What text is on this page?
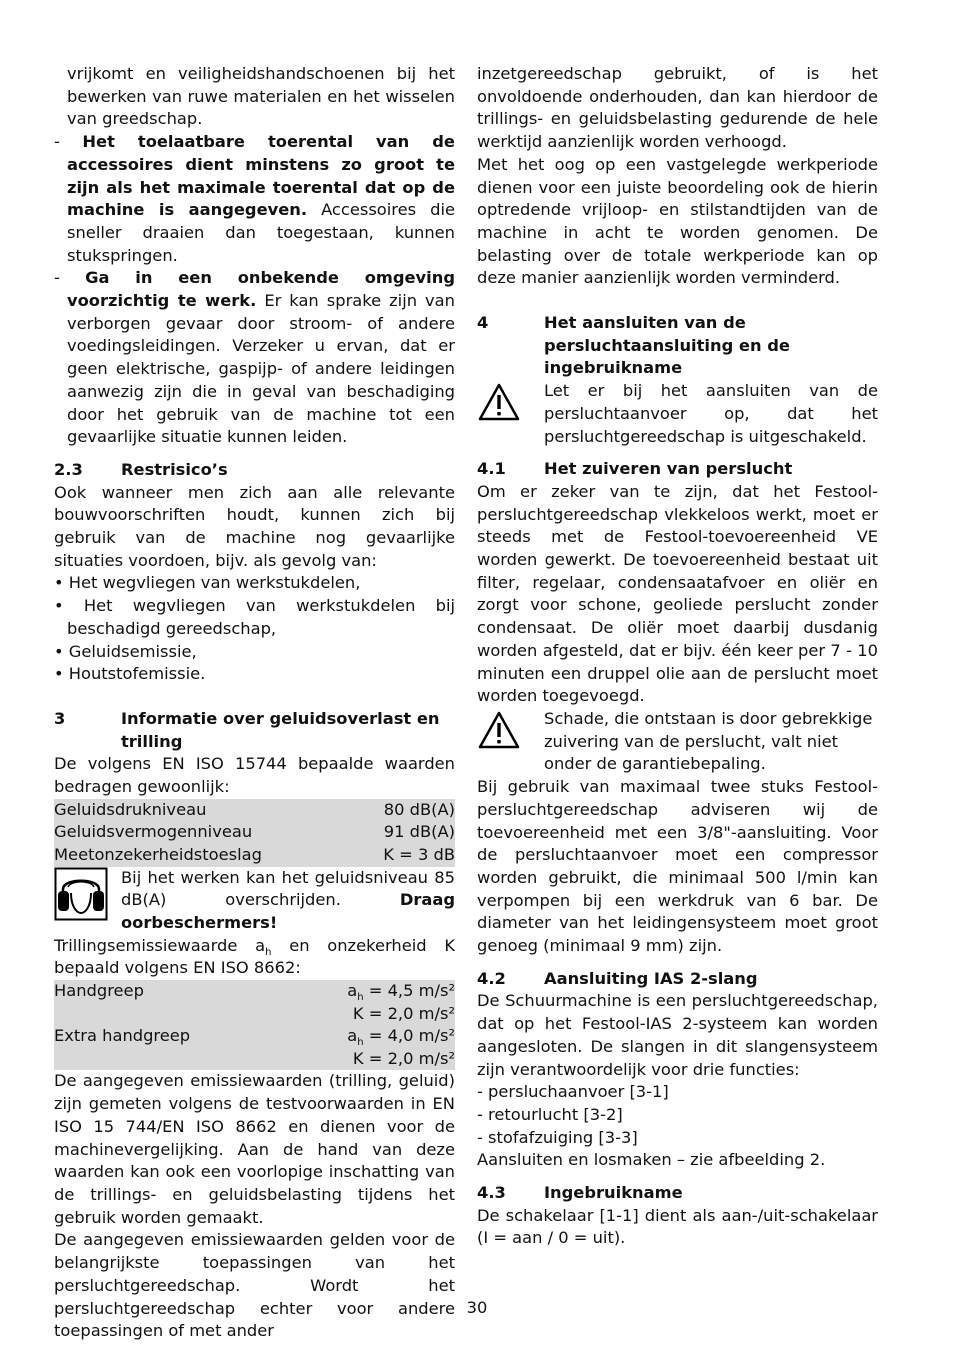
vrijkomt en veiligheidshandschoenen bij het bewerken van ruwe materialen en het wisselen van greedschap.

- Het toelaatbare toerental van de accessoires dient minstens zo groot te zijn als het maximale toerental dat op de machine is aangegeven. Accessoires die sneller draaien dan toegestaan, kunnen stukspringen.

- Ga in een onbekende omgeving voorzichtig te werk. Er kan sprake zijn van verborgen gevaar door stroom- of andere voedingsleidingen. Verzeker u ervan, dat er geen elektrische, gaspijp- of andere leidingen aanwezig zijn die in geval van beschadiging door het gebruik van de machine tot een gevaarlijke situatie kunnen leiden.

2.3 Restrisico’s

Ook wanneer men zich aan alle relevante bouwvoorschriften houdt, kunnen zich bij gebruik van de machine nog gevaarlijke situaties voordoen, bijv. als gevolg van:

• Het wegvliegen van werkstukdelen,

• Het wegvliegen van werkstukdelen bij beschadigd gereedschap,

• Geluidsemissie,

• Houtstofemissie.

3	Informatie over geluidsoverlast en trilling

De volgens EN ISO 15744 bepaalde waarden bedragen gewoonlijk:

Geluidsdrukniveau	80 dB(A)
Geluidsvermogenniveau	91 dB(A)
Meetonzekerheidstoeslag	K = 3 dB

Bij het werken kan het geluidsniveau 85 dB(A) overschrijden.	Draag oorbeschermers!

Trillingsemissiewaarde $a_h$ en onzekerheid K bepaald volgens EN ISO 8662:

Handgreep	$a_h = 4,5$ m/s²
	K = 2,0 m/s²

Extra handgreep	$a_h = 4,0$ m/s²
	K = 2,0 m/s²

De aangegeven emissiewaarden (trilling, geluid) zijn gemeten volgens de testvoorwaarden in EN ISO 15 744/EN ISO 8662 en dienen voor de machinevergelijking. Aan de hand van deze waarden kan ook een voorlopige inschatting van de trillings- en geluidsbelasting tijdens het gebruik worden gemaakt.

De aangegeven emissiewaarden gelden voor de belangrijkste toepassingen van het persluchtgereedschap. Wordt het persluchtgereedschap echter voor andere toepassingen of met ander

inzetgereedschap gebruikt, of is het onvoldoende onderhouden, dan kan hierdoor de trillings- en geluidsbelasting gedurende de hele werktijd aanzienlijk worden verhoogd.

Met het oog op een vastgelegde werkperiode dienen voor een juiste beoordeling ook de hierin optredende vrijloop- en stilstandtijden van de machine in acht te worden genomen. De belasting over de totale werkperiode kan op deze manier aanzienlijk worden verminderd.

4	Het aansluiten van de persluchtaansluiting en de ingebruikname

Let er bij het aansluiten van de persluchtaanvoer op, dat het persluchtgereedschap is uitgeschakeld.

4.1 Het zuiveren van perslucht

Om er zeker van te zijn, dat het Festool-persluchtgereedschap vlekkeloos werkt, moet er steeds met de Festool-toevoereenheid VE worden gewerkt. De toevoereenheid bestaat uit filter, regelaar, condensaatafvoer en oliër en zorgt voor schone, geoliede perslucht zonder condensaat. De oliër moet daarbij dusdanig worden afgesteld, dat er bijv. één keer per 7 - 10 minuten een druppel olie aan de perslucht moet worden toegevoegd.

Schade, die ontstaan is door gebrekkige zuivering van de perslucht, valt niet onder de garantiebepaling.

Bij gebruik van maximaal twee stuks Festool-persluchtgereedschap adviseren wij de toevoereenheid met een 3/8"-aansluiting. Voor de persluchtaanvoer moet een compressor worden gebruikt, die minimaal 500 l/min kan verpompen bij een werkdruk van 6 bar. De diameter van het leidingensysteem moet groot genoeg (minimaal 9 mm) zijn.

4.2 Aansluiting IAS 2-slang

De Schuurmachine is een persluchtgereedschap, dat op het Festool-IAS 2-systeem kan worden aangesloten. De slangen in dit slangensysteem zijn verantwoordelijk voor drie functies:

- persluchaanvoer [3-1]

- retourlucht [3-2]

- stofafzuiging [3-3]

Aansluiten en losmaken – zie afbeelding 2.

4.3 Ingebruikname

De schakelaar [1-1] dient als aan-/uit-schakelaar (I = aan / 0 = uit).

30
